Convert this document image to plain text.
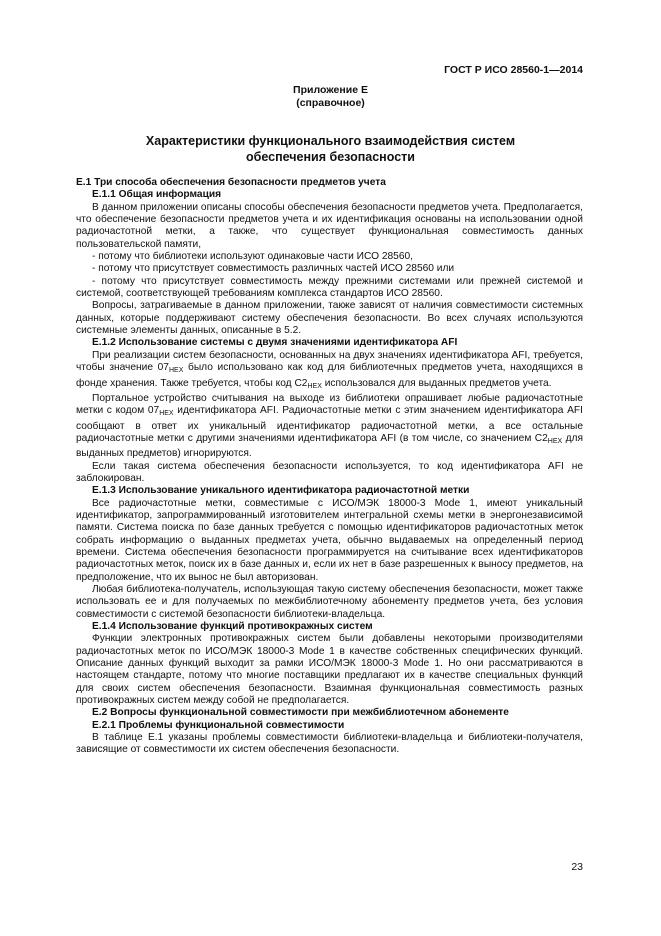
ГОСТ Р ИСО 28560-1—2014
Приложение Е
(справочное)
Характеристики функционального взаимодействия систем
обеспечения безопасности
Е.1 Три способа обеспечения безопасности предметов учета
Е.1.1 Общая информация

В данном приложении описаны способы обеспечения безопасности предметов учета. Предполагается, что обеспечение безопасности предметов учета и их идентификация основаны на использовании одной радиочастотной метки, а также, что существует функциональная совместимость данных пользовательской памяти,

- потому что библиотеки используют одинаковые части ИСО 28560,

- потому что присутствует совместимость различных частей ИСО 28560 или

- потому что присутствует совместимость между прежними системами или прежней системой и системой, соответствующей требованиям комплекса стандартов ИСО 28560.

Вопросы, затрагиваемые в данном приложении, также зависят от наличия совместимости системных данных, которые поддерживают систему обеспечения безопасности. Во всех случаях используются системные элементы данных, описанные в 5.2.

Е.1.2 Использование системы с двумя значениями идентификатора AFI

При реализации систем безопасности, основанных на двух значениях идентификатора AFI, требуется, чтобы значение 07HEX было использовано как код для библиотечных предметов учета, находящихся в фонде хранения. Также требуется, чтобы код C2HEX использовался для выданных предметов учета.

Портальное устройство считывания на выходе из библиотеки опрашивает любые радиочастотные метки с кодом 07HEX идентификатора AFI. Радиочастотные метки с этим значением идентификатора AFI сообщают в ответ их уникальный идентификатор радиочастотной метки, а все остальные радиочастотные метки с другими значениями идентификатора AFI (в том числе, со значением C2HEX для выданных предметов) игнорируются.

Если такая система обеспечения безопасности используется, то код идентификатора AFI не заблокирован.

Е.1.3 Использование уникального идентификатора радиочастотной метки

Все радиочастотные метки, совместимые с ИСО/МЭК 18000-3 Mode 1, имеют уникальный идентификатор, запрограммированный изготовителем интегральной схемы метки в энергонезависимой памяти. Система поиска по базе данных требуется с помощью идентификаторов радиочастотных меток собрать информацию о выданных предметах учета, обычно выдаваемых на определенный период времени. Система обеспечения безопасности программируется на считывание всех идентификаторов радиочастотных меток, поиск их в базе данных и, если их нет в базе разрешенных к выносу предметов, на предположение, что их вынос не был авторизован.

Любая библиотека-получатель, использующая такую систему обеспечения безопасности, может также использовать ее и для получаемых по межбиблиотечному абонементу предметов учета, без условия совместимости с системой безопасности библиотеки-владельца.

Е.1.4 Использование функций противокражных систем

Функции электронных противокражных систем были добавлены некоторыми производителями радиочастотных меток по ИСО/МЭК 18000-3 Mode 1 в качестве собственных специфических функций. Описание данных функций выходит за рамки ИСО/МЭК 18000-3 Mode 1. Но они рассматриваются в настоящем стандарте, потому что многие поставщики предлагают их в качестве специальных функций для своих систем обеспечения безопасности. Взаимная функциональная совместимость разных противокражных систем между собой не предполагается.

Е.2 Вопросы функциональной совместимости при межбиблиотечном абонементе
Е.2.1 Проблемы функциональной совместимости

В таблице Е.1 указаны проблемы совместимости библиотеки-владельца и библиотеки-получателя, зависящие от совместимости их систем обеспечения безопасности.

23
